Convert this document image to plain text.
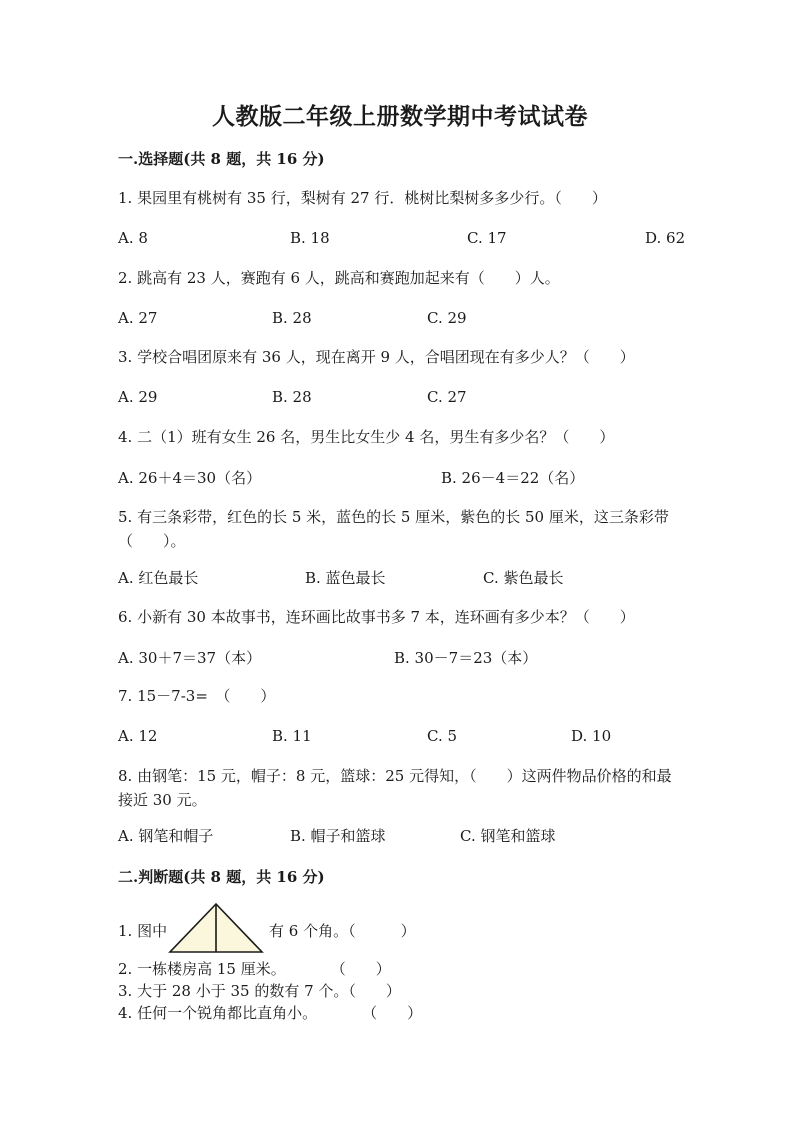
人教版二年级上册数学期中考试试卷
一.选择题(共 8 题，共 16 分)
1. 果园里有桃树有 35 行，梨树有 27 行．桃树比梨树多多少行。（　　）
A. 8	B. 18	C. 17	D. 62
2. 跳高有 23 人，赛跑有 6 人，跳高和赛跑加起来有（　　）人。
A. 27	B. 28	C. 29
3. 学校合唱团原来有 36 人，现在离开 9 人，合唱团现在有多少人？（　　）
A. 29	B. 28	C. 27
4. 二（1）班有女生 26 名，男生比女生少 4 名，男生有多少名？（　　）
A. 26＋4＝30（名）	B. 26－4＝22（名）
5. 有三条彩带，红色的长 5 米，蓝色的长 5 厘米，紫色的长 50 厘米，这三条彩带（　　）。
A. 红色最长	B. 蓝色最长	C. 紫色最长
6. 小新有 30 本故事书，连环画比故事书多 7 本，连环画有多少本？（　　）
A. 30＋7＝37（本）	B. 30－7＝23（本）
7. 15－7-3=　（　　）
A. 12	B. 11	C. 5	D. 10
8. 由钢笔：15 元，帽子：8 元，篮球：25 元得知，（　　）这两件物品价格的和最接近 30 元。
A. 钢笔和帽子	B. 帽子和篮球	C. 钢笔和篮球
二.判断题(共 8 题，共 16 分)
1. 图中	有 6 个角。（　　　）
2. 一栋楼房高 15 厘米。　　　　（　　）
3. 大于 28 小于 35 的数有 7 个。（　　）
4. 任何一个锐角都比直角小。　　　　（　　）
